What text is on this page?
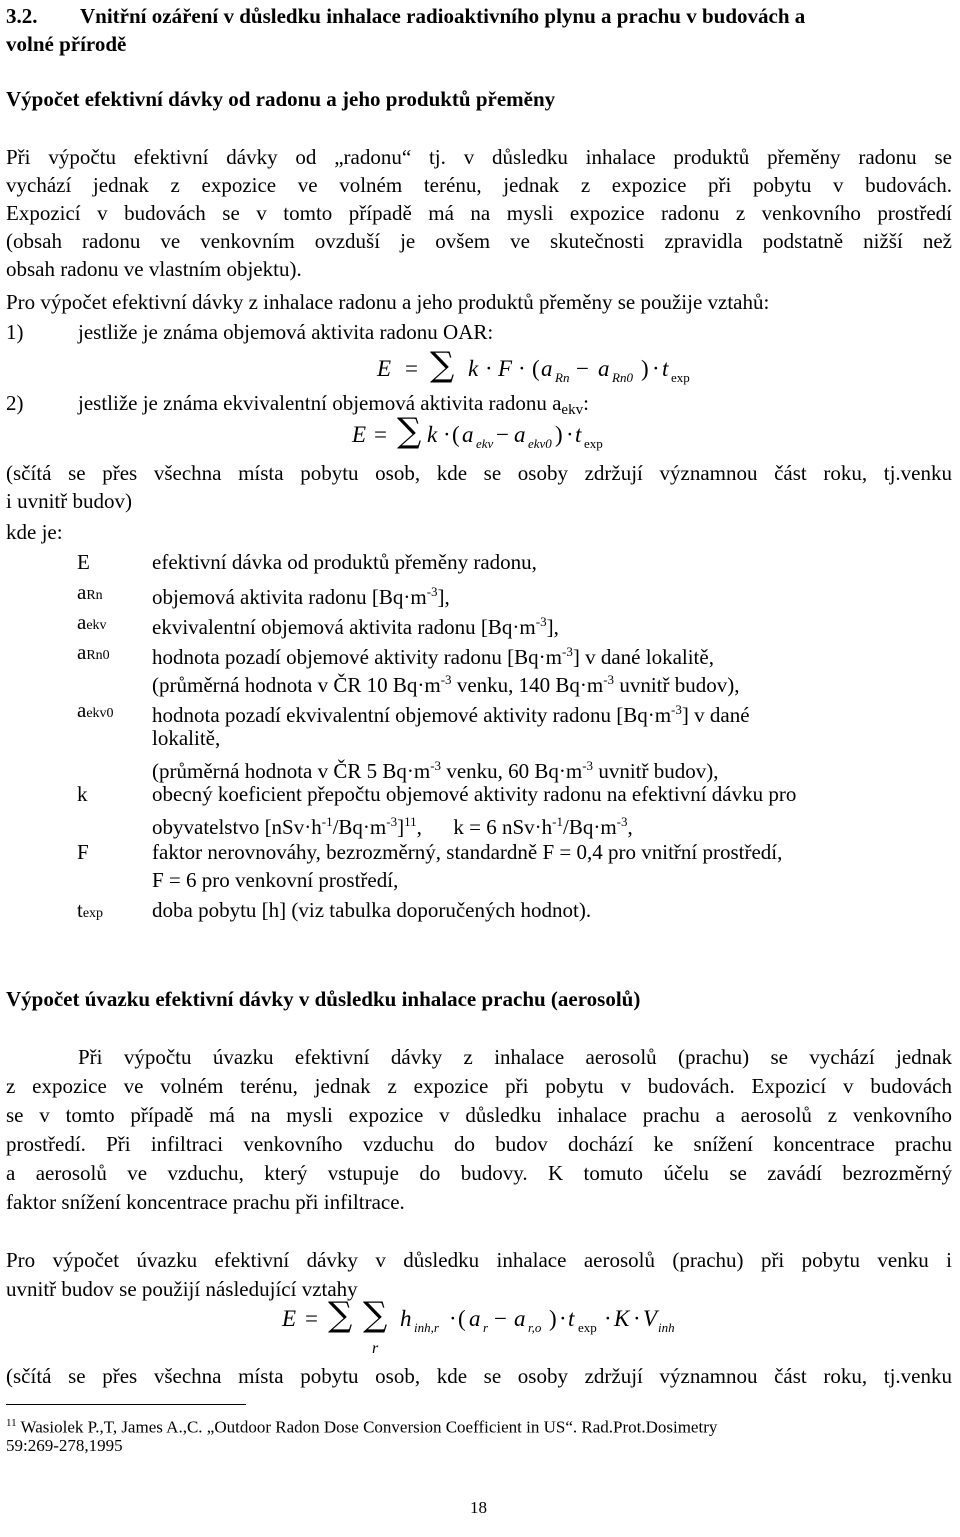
3.2. Vnitřní ozáření v důsledku inhalace radioaktivního plynu a prachu v budovách a
volné přírodě
Výpočet efektivní dávky od radonu a jeho produktů přeměny
Při výpočtu efektivní dávky od „radonu“ tj. v důsledku inhalace produktů přeměny radonu se
vychází jednak z expozice ve volném terénu, jednak z expozice při pobytu v budovách.
Expozicí v budovách se v tomto případě má na mysli expozice radonu z venkovního prostředí
(obsah radonu ve venkovním ovzduší je ovšem ve skutečnosti zpravidla podstatně nižší než
obsah radonu ve vlastním objektu).
Pro výpočet efektivní dávky z inhalace radonu a jeho produktů přeměny se použije vztahů:
1)	jestliže je známa objemová aktivita radonu OAR:
E = ∑ k · F · ( a Rn − a Rn0 ) · t exp
2)	jestliže je známa ekvivalentní objemová aktivita radonu $a_{ekv}$:
E = ∑ k · ( a ekv − a ekv0 ) · t exp
(sčítá se přes všechna místa pobytu osob, kde se osoby zdržují významnou část roku, tj.venku
i uvnitř budov)
kde je:
E	efektivní dávka od produktů přeměny radonu,
aRn objemová aktivita radonu $[Bq\cdot m^{-3}]$,
aekv ekvivalentní objemová aktivita radonu $[Bq\cdot m^{-3}]$,
aRn0 hodnota pozadí objemové aktivity radonu $[Bq\cdot m^{-3}]$ v dané lokalitě,
(průměrná hodnota v ČR 10 $Bq\cdot m^{-3}$ venku, 140 $Bq\cdot m^{-3}$ uvnitř budov),
aekv0 hodnota pozadí ekvivalentní objemové aktivity radonu $[Bq\cdot m^{-3}]$ v dané
lokalitě,
(průměrná hodnota v ČR 5 $Bq\cdot m^{-3}$ venku, 60 $Bq\cdot m^{-3}$ uvnitř budov),
k	obecný koeficient přepočtu objemové aktivity radonu na efektivní dávku pro
obyvatelstvo $[nSv\cdot h^{-1}/Bq\cdot m^{-3}]^{11}$,      k = 6 $nSv\cdot h^{-1}/Bq\cdot m^{-3}$,
F	faktor nerovnováhy, bezrozměrný, standardně F = 0,4 pro vnitřní prostředí,
F = 6 pro venkovní prostředí,
texp doba pobytu [h] (viz tabulka doporučených hodnot).
Výpočet úvazku efektivní dávky v důsledku inhalace prachu (aerosolů)
Při výpočtu úvazku efektivní dávky z inhalace aerosolů (prachu) se vychází jednak
z expozice ve volném terénu, jednak z expozice při pobytu v budovách. Expozicí v budovách
se v tomto případě má na mysli expozice v důsledku inhalace prachu a aerosolů z venkovního
prostředí. Při infiltraci venkovního vzduchu do budov dochází ke snížení koncentrace prachu
a aerosolů ve vzduchu, který vstupuje do budovy. K tomuto účelu se zavádí bezrozměrný
faktor snížení koncentrace prachu při infiltrace.
Pro výpočet úvazku efektivní dávky v důsledku inhalace aerosolů (prachu) při pobytu venku i
uvnitř budov se použijí následující vztahy
E = ∑ ∑
r
h inh,r · ( a r − a r,o ) · t exp · K · V inh
(sčítá se přes všechna místa pobytu osob, kde se osoby zdržují významnou část roku, tj.venku
$^{11}$ Wasiolek P.,T, James A.,C. „Outdoor Radon Dose Conversion Coefficient in US“. Rad.Prot.Dosimetry
59:269-278,1995
18
